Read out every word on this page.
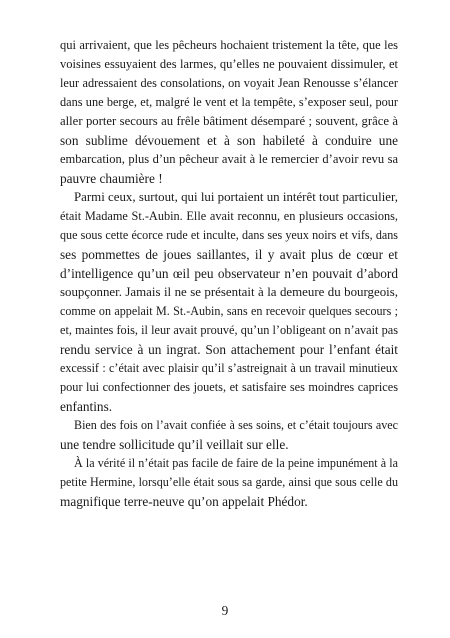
qui arrivaient, que les pêcheurs hochaient tristement la tête, que les
voisines essuyaient des larmes, qu’elles ne pouvaient dissimuler, et
leur adressaient des consolations, on voyait Jean Renousse s’élancer
dans une berge, et, malgré le vent et la tempête, s’exposer seul, pour
aller porter secours au frêle bâtiment désemparé ; souvent, grâce à
son sublime dévouement et à son habileté à conduire une
embarcation, plus d’un pêcheur avait à le remercier d’avoir revu sa
pauvre chaumière !
Parmi ceux, surtout, qui lui portaient un intérêt tout particulier,
était Madame St.-Aubin. Elle avait reconnu, en plusieurs occasions,
que sous cette écorce rude et inculte, dans ses yeux noirs et vifs, dans
ses pommettes de joues saillantes, il y avait plus de cœur et
d’intelligence qu’un œil peu observateur n’en pouvait d’abord
soupçonner. Jamais il ne se présentait à la demeure du bourgeois,
comme on appelait M. St.-Aubin, sans en recevoir quelques secours ;
et, maintes fois, il leur avait prouvé, qu’un l’obligeant on n’avait pas
rendu service à un ingrat. Son attachement pour l’enfant était
excessif : c’était avec plaisir qu’il s’astreignait à un travail minutieux
pour lui confectionner des jouets, et satisfaire ses moindres caprices
enfantins.
Bien des fois on l’avait confiée à ses soins, et c’était toujours avec
une tendre sollicitude qu’il veillait sur elle.
À la vérité il n’était pas facile de faire de la peine impunément à la
petite Hermine, lorsqu’elle était sous sa garde, ainsi que sous celle du
magnifique terre-neuve qu’on appelait Phédor.
9
